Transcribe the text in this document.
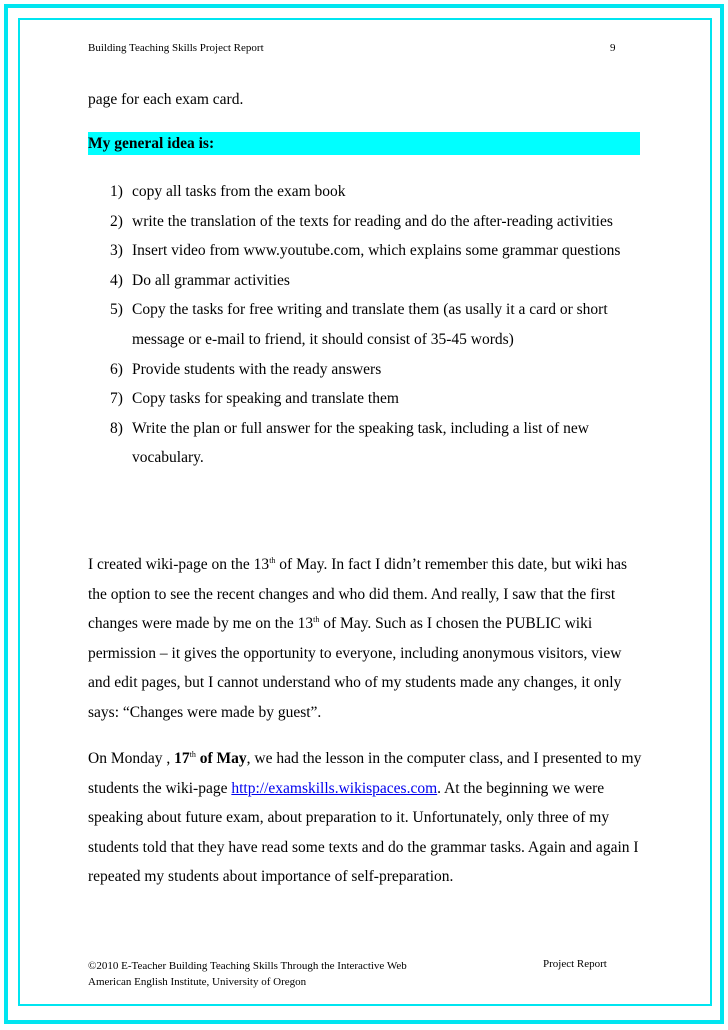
Building Teaching Skills Project Report	9
page for each exam card.
My general idea is:
1) copy all tasks from the exam book
2) write the translation of the texts for reading and do the after-reading activities
3) Insert video from www.youtube.com, which explains some grammar questions
4) Do all grammar activities
5) Copy the tasks for free writing and translate them (as usally it a card or short message or e-mail to friend, it should consist of 35-45 words)
6) Provide students with the ready answers
7) Copy tasks for speaking and translate them
8) Write the plan or full answer for the speaking task, including a list of new vocabulary.
I created wiki-page on the 13th of May. In fact I didn’t remember this date, but wiki has the option to see the recent changes and who did them. And really, I saw that the first changes were made by me on the 13th of May. Such as I chosen the PUBLIC wiki permission – it gives the opportunity to everyone, including anonymous visitors, view and edit pages, but I cannot understand who of my students made any changes, it only says: “Changes were made by guest”.
On Monday , 17th of May, we had the lesson in the computer class, and I presented to my students the wiki-page http://examskills.wikispaces.com. At the beginning we were speaking about future exam, about preparation to it. Unfortunately, only three of my students told that they have read some texts and do the grammar tasks. Again and again I repeated my students about importance of self-preparation.
©2010 E-Teacher Building Teaching Skills Through the Interactive Web
American English Institute, University of Oregon
Project Report
